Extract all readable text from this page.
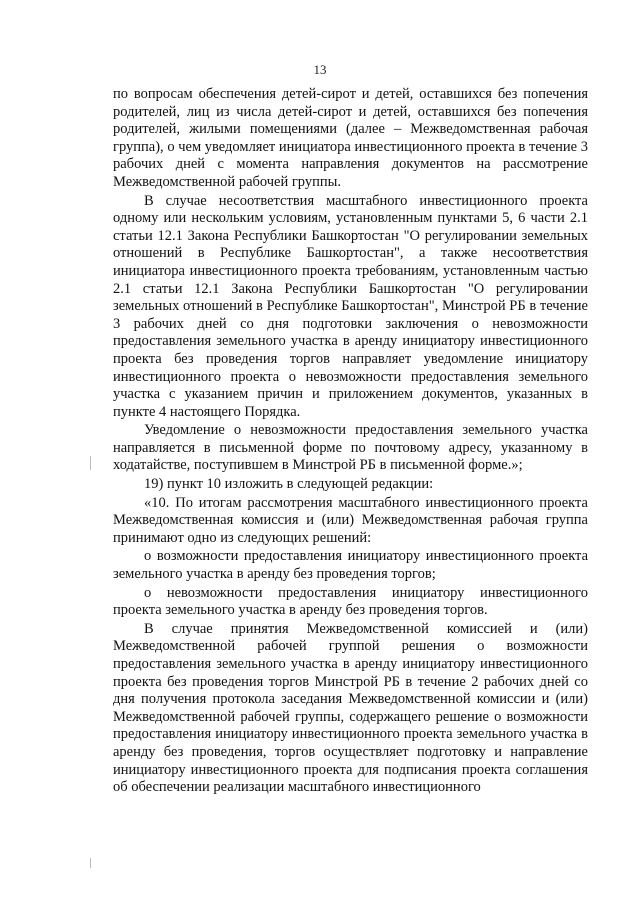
13

по вопросам обеспечения детей-сирот и детей, оставшихся без попечения родителей, лиц из числа детей-сирот и детей, оставшихся без попечения родителей, жилыми помещениями (далее – Межведомственная рабочая группа), о чем уведомляет инициатора инвестиционного проекта в течение 3 рабочих дней с момента направления документов на рассмотрение Межведомственной рабочей группы.

В случае несоответствия масштабного инвестиционного проекта одному или нескольким условиям, установленным пунктами 5, 6 части 2.1 статьи 12.1 Закона Республики Башкортостан "О регулировании земельных отношений в Республике Башкортостан", а также несоответствия инициатора инвестиционного проекта требованиям, установленным частью 2.1 статьи 12.1 Закона Республики Башкортостан "О регулировании земельных отношений в Республике Башкортостан", Минстрой РБ в течение 3 рабочих дней со дня подготовки заключения о невозможности предоставления земельного участка в аренду инициатору инвестиционного проекта без проведения торгов направляет уведомление инициатору инвестиционного проекта о невозможности предоставления земельного участка с указанием причин и приложением документов, указанных в пункте 4 настоящего Порядка.

Уведомление о невозможности предоставления земельного участка направляется в письменной форме по почтовому адресу, указанному в ходатайстве, поступившем в Минстрой РБ в письменной форме.»;

19) пункт 10 изложить в следующей редакции:

«10. По итогам рассмотрения масштабного инвестиционного проекта Межведомственная комиссия и (или) Межведомственная рабочая группа принимают одно из следующих решений:

о возможности предоставления инициатору инвестиционного проекта земельного участка в аренду без проведения торгов;

о невозможности предоставления инициатору инвестиционного проекта земельного участка в аренду без проведения торгов.

В случае принятия Межведомственной комиссией и (или) Межведомственной рабочей группой решения о возможности предоставления земельного участка в аренду инициатору инвестиционного проекта без проведения торгов Минстрой РБ в течение 2 рабочих дней со дня получения протокола заседания Межведомственной комиссии и (или) Межведомственной рабочей группы, содержащего решение о возможности предоставления инициатору инвестиционного проекта земельного участка в аренду без проведения, торгов осуществляет подготовку и направление инициатору инвестиционного проекта для подписания проекта соглашения об обеспечении реализации масштабного инвестиционного
